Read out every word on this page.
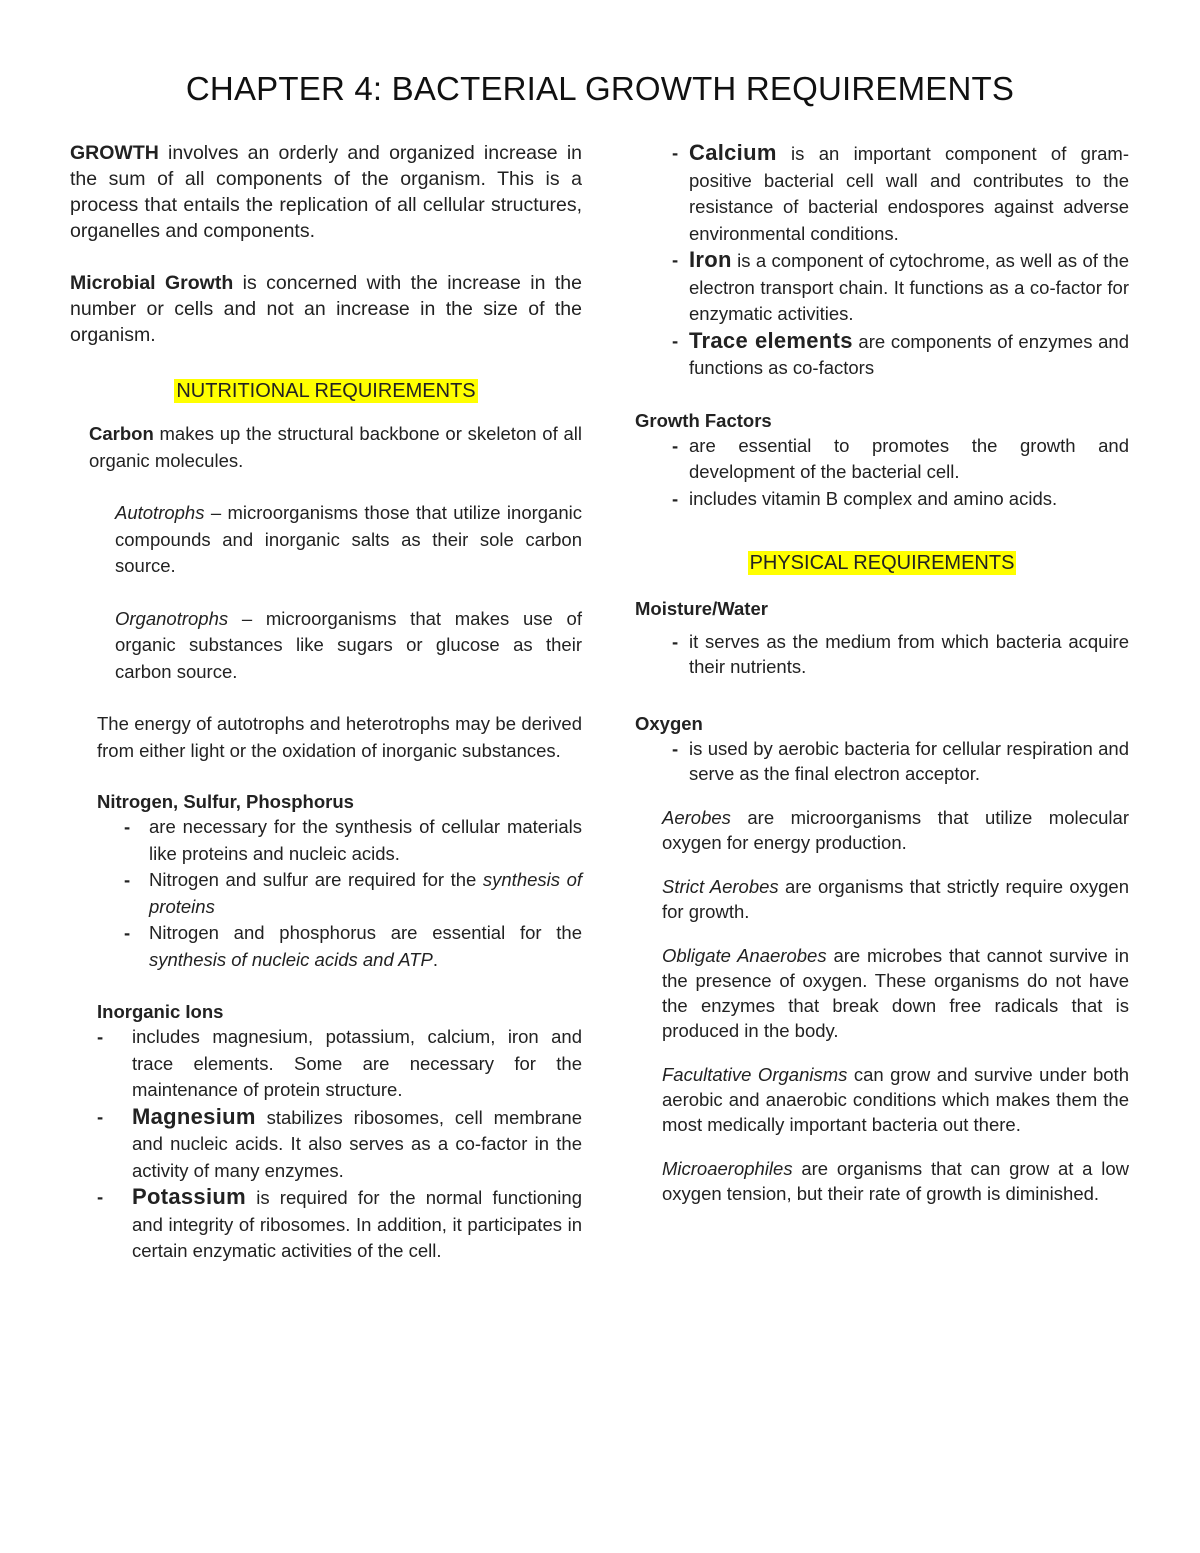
CHAPTER 4: BACTERIAL GROWTH REQUIREMENTS

GROWTH involves an orderly and organized increase in the sum of all components of the organism. This is a process that entails the replication of all cellular structures, organelles and components.

Microbial Growth is concerned with the increase in the number or cells and not an increase in the size of the organism.

NUTRITIONAL REQUIREMENTS

Carbon makes up the structural backbone or skeleton of all organic molecules.

Autotrophs – microorganisms those that utilize inorganic compounds and inorganic salts as their sole carbon source.

Organotrophs – microorganisms that makes use of organic substances like sugars or glucose as their carbon source.

The energy of autotrophs and heterotrophs may be derived from either light or the oxidation of inorganic substances.

Nitrogen, Sulfur, Phosphorus
- are necessary for the synthesis of cellular materials like proteins and nucleic acids.
- Nitrogen and sulfur are required for the synthesis of proteins
- Nitrogen and phosphorus are essential for the synthesis of nucleic acids and ATP.
Inorganic Ions
- includes magnesium, potassium, calcium, iron and trace elements. Some are necessary for the maintenance of protein structure.
- Magnesium stabilizes ribosomes, cell membrane and nucleic acids. It also serves as a co-factor in the activity of many enzymes.
- Potassium is required for the normal functioning and integrity of ribosomes. In addition, it participates in certain enzymatic activities of the cell.
- Calcium is an important component of gram-positive bacterial cell wall and contributes to the resistance of bacterial endospores against adverse environmental conditions.
- Iron is a component of cytochrome, as well as of the electron transport chain. It functions as a co-factor for enzymatic activities.
- Trace elements are components of enzymes and functions as co-factors
Growth Factors
- are essential to promotes the growth and development of the bacterial cell.
- includes vitamin B complex and amino acids.
PHYSICAL REQUIREMENTS
Moisture/Water
- it serves as the medium from which bacteria acquire their nutrients.
Oxygen
- is used by aerobic bacteria for cellular respiration and serve as the final electron acceptor.

Aerobes are microorganisms that utilize molecular oxygen for energy production.

Strict Aerobes are organisms that strictly require oxygen for growth.

Obligate Anaerobes are microbes that cannot survive in the presence of oxygen. These organisms do not have the enzymes that break down free radicals that is produced in the body.

Facultative Organisms can grow and survive under both aerobic and anaerobic conditions which makes them the most medically important bacteria out there.

Microaerophiles are organisms that can grow at a low oxygen tension, but their rate of growth is diminished.
